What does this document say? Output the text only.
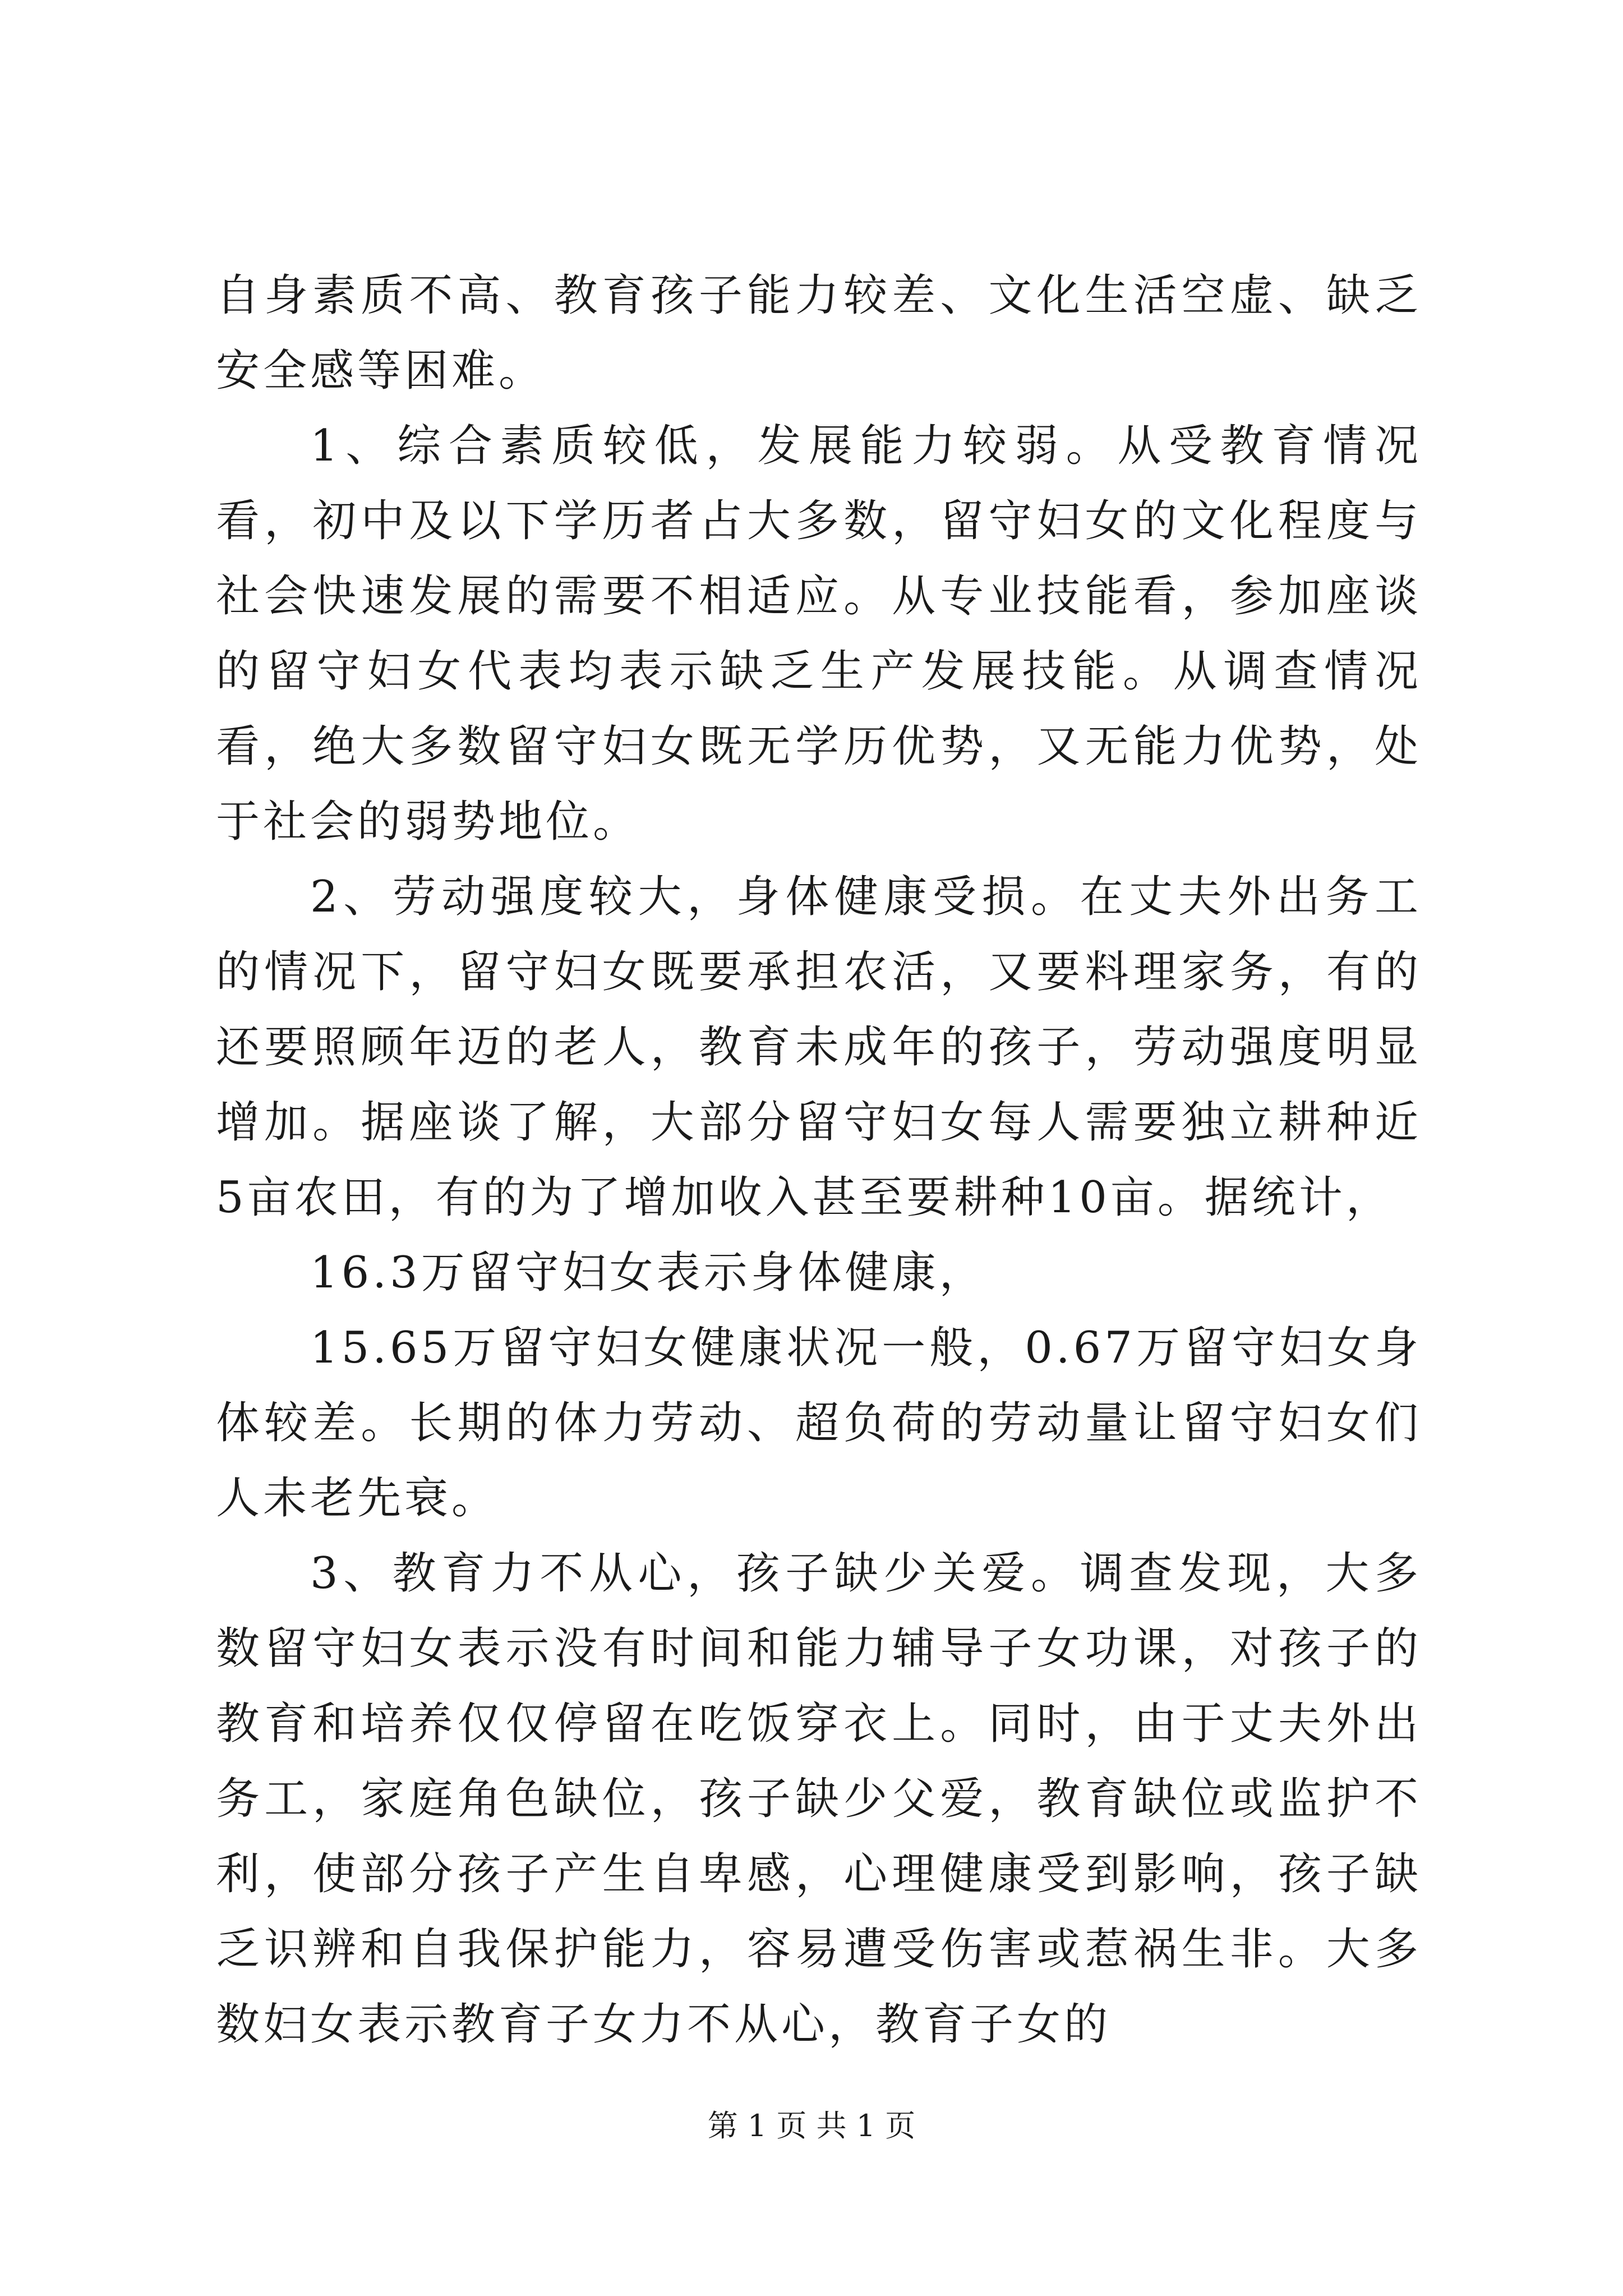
自身素质不高、教育孩子能力较差、文化生活空虚、缺乏安全感等困难。

1、综合素质较低，发展能力较弱。从受教育情况看，初中及以下学历者占大多数，留守妇女的文化程度与社会快速发展的需要不相适应。从专业技能看，参加座谈的留守妇女代表均表示缺乏生产发展技能。从调查情况看，绝大多数留守妇女既无学历优势，又无能力优势，处于社会的弱势地位。

2、劳动强度较大，身体健康受损。在丈夫外出务工的情况下，留守妇女既要承担农活，又要料理家务，有的还要照顾年迈的老人，教育未成年的孩子，劳动强度明显增加。据座谈了解，大部分留守妇女每人需要独立耕种近5亩农田，有的为了增加收入甚至要耕种10亩。据统计，

16.3万留守妇女表示身体健康，

15.65万留守妇女健康状况一般，0.67万留守妇女身体较差。长期的体力劳动、超负荷的劳动量让留守妇女们人未老先衰。

3、教育力不从心，孩子缺少关爱。调查发现，大多数留守妇女表示没有时间和能力辅导子女功课，对孩子的教育和培养仅仅停留在吃饭穿衣上。同时，由于丈夫外出务工，家庭角色缺位，孩子缺少父爱，教育缺位或监护不利，使部分孩子产生自卑感，心理健康受到影响，孩子缺乏识辨和自我保护能力，容易遭受伤害或惹祸生非。大多数妇女表示教育子女力不从心，教育子女的

第 1 页 共 1 页
